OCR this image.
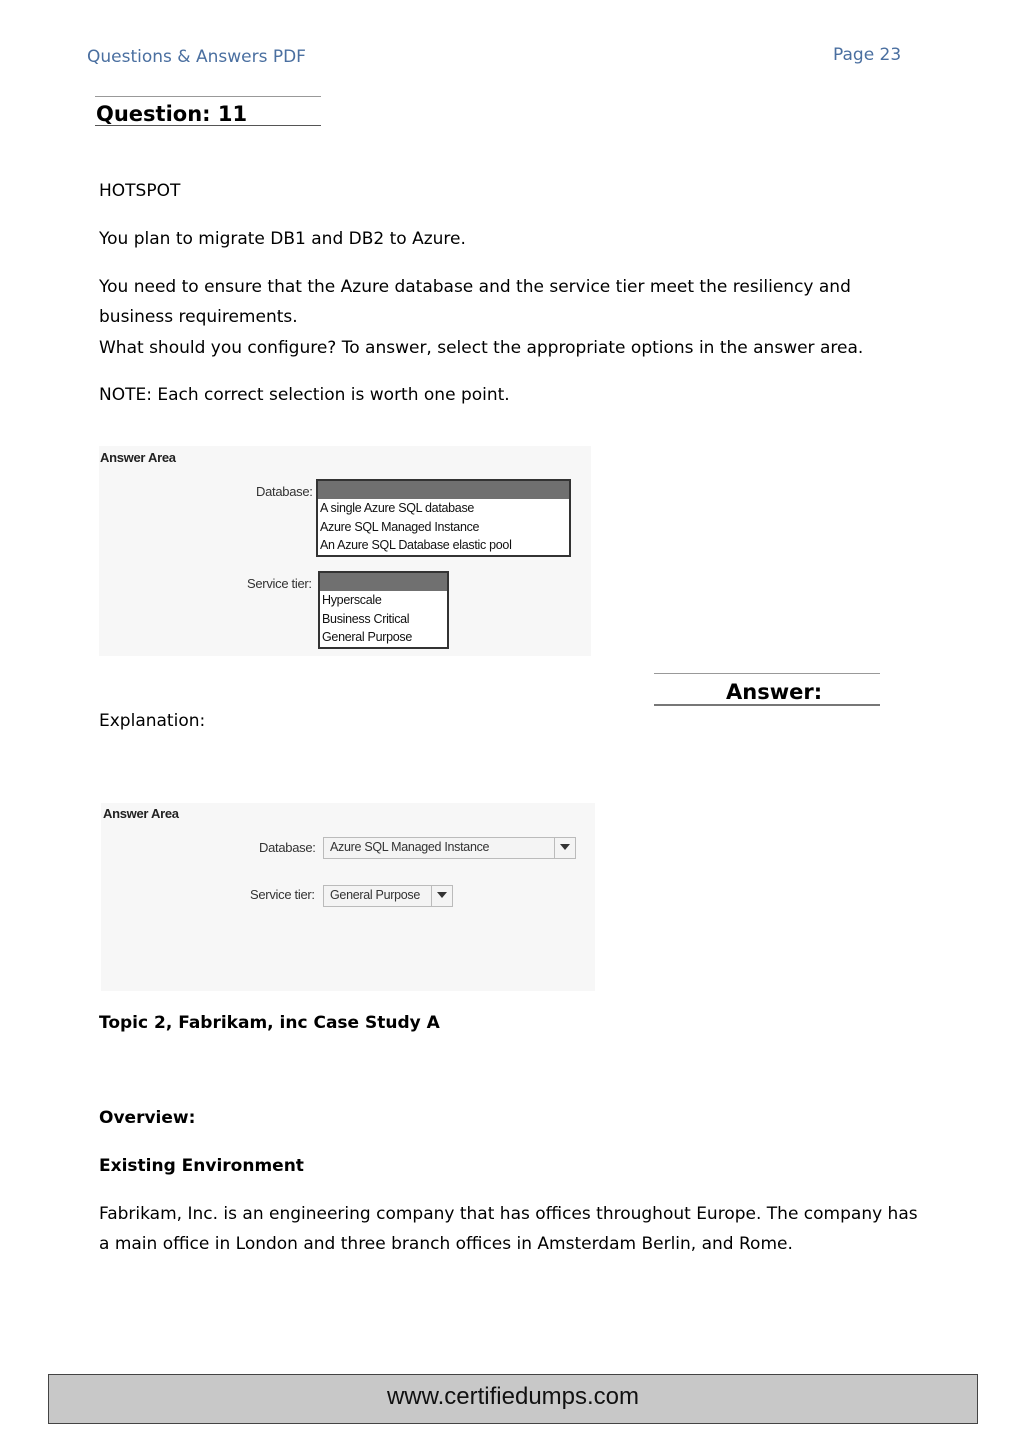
Questions & Answers PDF	Page 23
Question: 11
HOTSPOT
You plan to migrate DB1 and DB2 to Azure.
You need to ensure that the Azure database and the service tier meet the resiliency and business requirements.
What should you configure? To answer, select the appropriate options in the answer area.
NOTE: Each correct selection is worth one point.
Answer Area
Database:
A single Azure SQL database
Azure SQL Managed Instance
An Azure SQL Database elastic pool
Service tier:
Hyperscale
Business Critical
General Purpose
Answer:
Explanation:
Answer Area
Database: Azure SQL Managed Instance
Service tier: General Purpose
Topic 2, Fabrikam, inc Case Study A
Overview:
Existing Environment
Fabrikam, Inc. is an engineering company that has offices throughout Europe. The company has a main office in London and three branch offices in Amsterdam Berlin, and Rome.
www.certifiedumps.com
